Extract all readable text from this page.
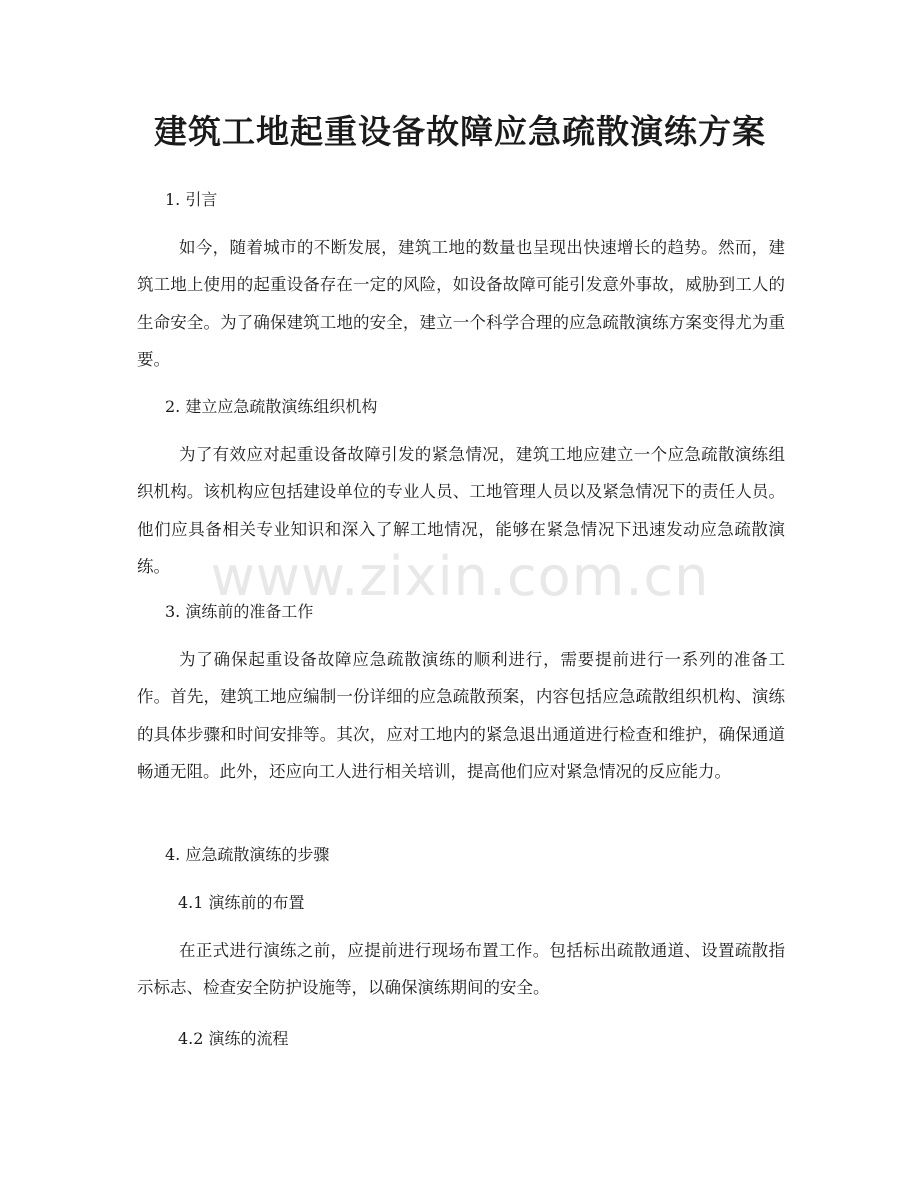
建筑工地起重设备故障应急疏散演练方案

1. 引言

如今，随着城市的不断发展，建筑工地的数量也呈现出快速增长的趋势。然而，建筑工地上使用的起重设备存在一定的风险，如设备故障可能引发意外事故，威胁到工人的生命安全。为了确保建筑工地的安全，建立一个科学合理的应急疏散演练方案变得尤为重要。

2. 建立应急疏散演练组织机构

为了有效应对起重设备故障引发的紧急情况，建筑工地应建立一个应急疏散演练组织机构。该机构应包括建设单位的专业人员、工地管理人员以及紧急情况下的责任人员。他们应具备相关专业知识和深入了解工地情况，能够在紧急情况下迅速发动应急疏散演练。

3. 演练前的准备工作

为了确保起重设备故障应急疏散演练的顺利进行，需要提前进行一系列的准备工作。首先，建筑工地应编制一份详细的应急疏散预案，内容包括应急疏散组织机构、演练的具体步骤和时间安排等。其次，应对工地内的紧急退出通道进行检查和维护，确保通道畅通无阻。此外，还应向工人进行相关培训，提高他们应对紧急情况的反应能力。

4. 应急疏散演练的步骤

4.1 演练前的布置

在正式进行演练之前，应提前进行现场布置工作。包括标出疏散通道、设置疏散指示标志、检查安全防护设施等，以确保演练期间的安全。

4.2 演练的流程

www.zixin.com.cn
